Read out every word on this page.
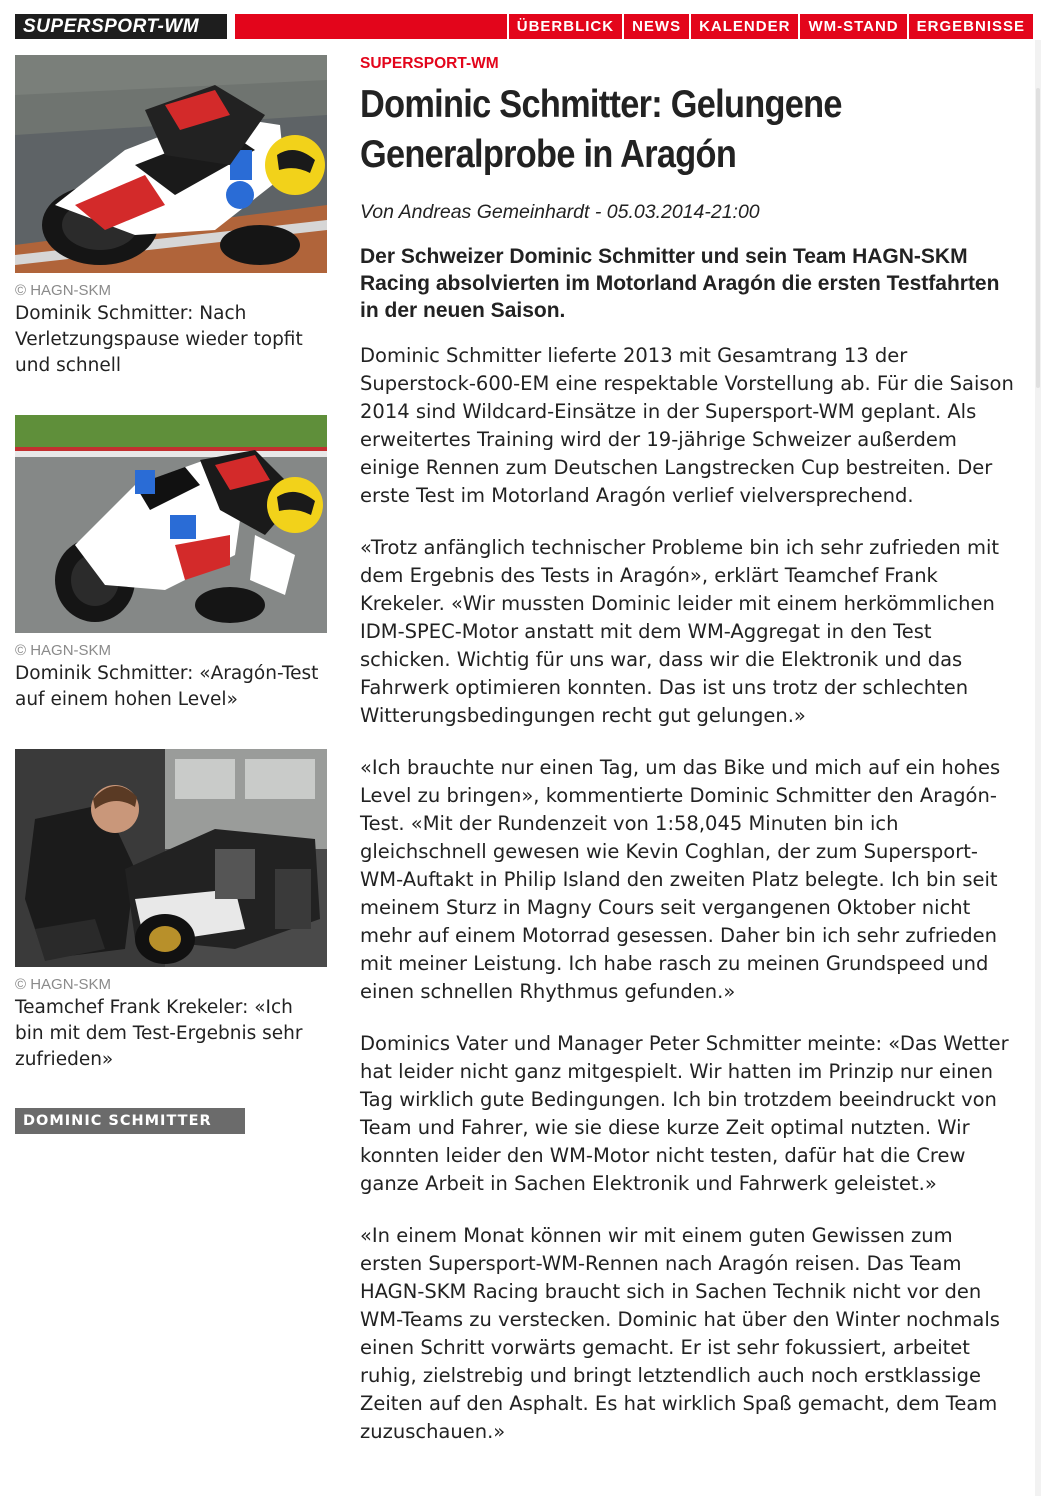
SUPERSPORT-WM	ÜBERBLICK	NEWS	KALENDER	WM-STAND	ERGEBNISSE
© HAGN-SKM
Dominik Schmitter: Nach Verletzungspause wieder topfit und schnell
© HAGN-SKM
Dominik Schmitter: «Aragón-Test auf einem hohen Level»
© HAGN-SKM
Teamchef Frank Krekeler: «Ich bin mit dem Test-Ergebnis sehr zufrieden»
DOMINIC SCHMITTER
SUPERSPORT-WM
Dominic Schmitter: Gelungene Generalprobe in Aragón
Von Andreas Gemeinhardt - 05.03.2014-21:00
Der Schweizer Dominic Schmitter und sein Team HAGN-SKM Racing absolvierten im Motorland Aragón die ersten Testfahrten in der neuen Saison.

Dominic Schmitter lieferte 2013 mit Gesamtrang 13 der Superstock-600-EM eine respektable Vorstellung ab. Für die Saison 2014 sind Wildcard-Einsätze in der Supersport-WM geplant. Als erweitertes Training wird der 19-jährige Schweizer außerdem einige Rennen zum Deutschen Langstrecken Cup bestreiten. Der erste Test im Motorland Aragón verlief vielversprechend.

«Trotz anfänglich technischer Probleme bin ich sehr zufrieden mit dem Ergebnis des Tests in Aragón», erklärt Teamchef Frank Krekeler. «Wir mussten Dominic leider mit einem herkömmlichen IDM-SPEC-Motor anstatt mit dem WM-Aggregat in den Test schicken. Wichtig für uns war, dass wir die Elektronik und das Fahrwerk optimieren konnten. Das ist uns trotz der schlechten Witterungsbedingungen recht gut gelungen.»

«Ich brauchte nur einen Tag, um das Bike und mich auf ein hohes Level zu bringen», kommentierte Dominic Schmitter den Aragón-Test. «Mit der Rundenzeit von 1:58,045 Minuten bin ich gleichschnell gewesen wie Kevin Coghlan, der zum Supersport-WM-Auftakt in Philip Island den zweiten Platz belegte. Ich bin seit meinem Sturz in Magny Cours seit vergangenen Oktober nicht mehr auf einem Motorrad gesessen. Daher bin ich sehr zufrieden mit meiner Leistung. Ich habe rasch zu meinen Grundspeed und einen schnellen Rhythmus gefunden.»

Dominics Vater und Manager Peter Schmitter meinte: «Das Wetter hat leider nicht ganz mitgespielt. Wir hatten im Prinzip nur einen Tag wirklich gute Bedingungen. Ich bin trotzdem beeindruckt von Team und Fahrer, wie sie diese kurze Zeit optimal nutzten. Wir konnten leider den WM-Motor nicht testen, dafür hat die Crew ganze Arbeit in Sachen Elektronik und Fahrwerk geleistet.»

«In einem Monat können wir mit einem guten Gewissen zum ersten Supersport-WM-Rennen nach Aragón reisen. Das Team HAGN-SKM Racing braucht sich in Sachen Technik nicht vor den WM-Teams zu verstecken. Dominic hat über den Winter nochmals einen Schritt vorwärts gemacht. Er ist sehr fokussiert, arbeitet ruhig, zielstrebig und bringt letztendlich auch noch erstklassige Zeiten auf den Asphalt. Es hat wirklich Spaß gemacht, dem Team zuzuschauen.»
